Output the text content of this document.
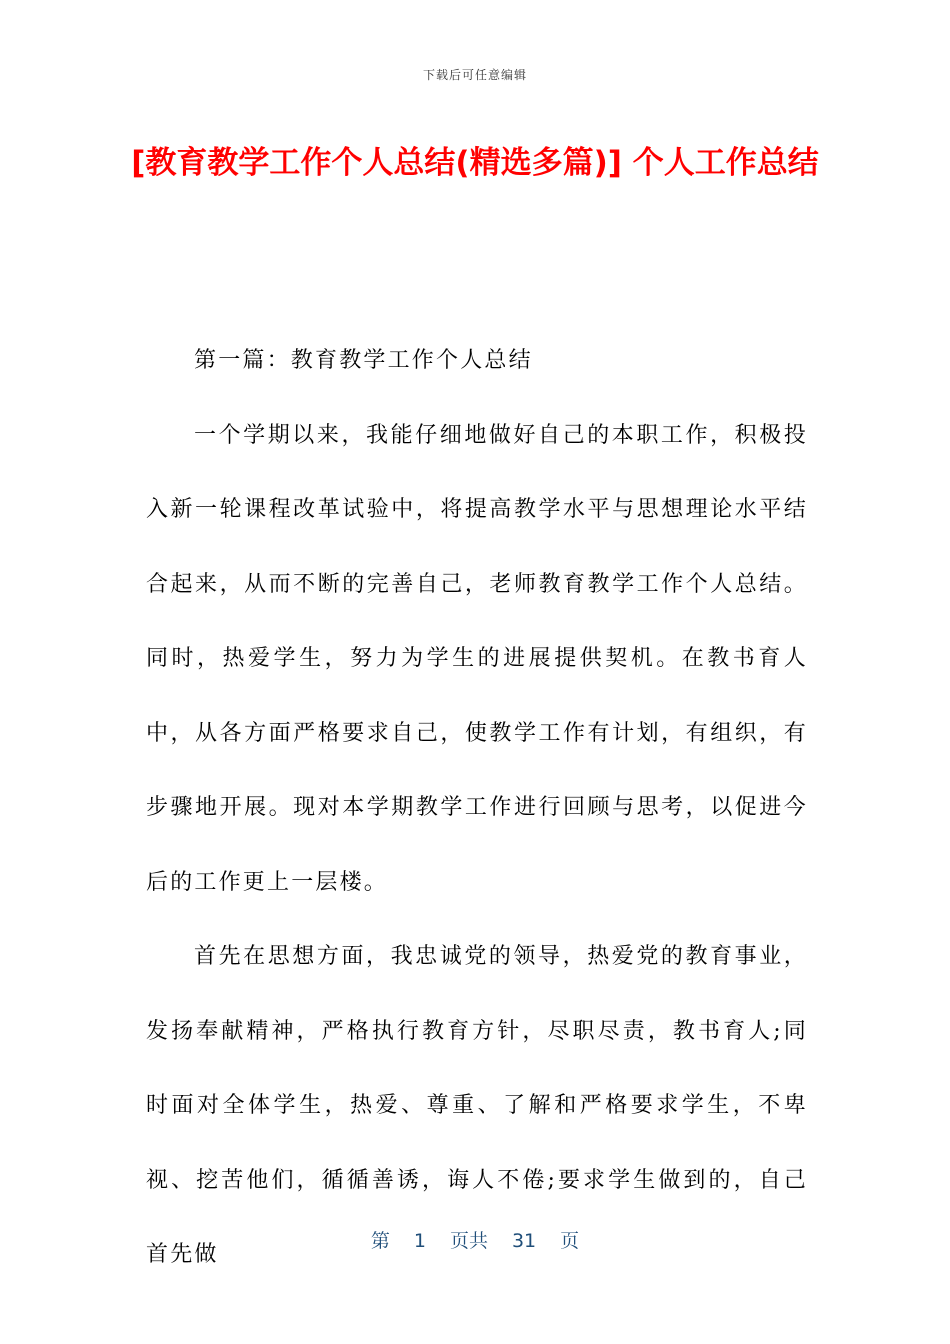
下载后可任意编辑
[教育教学工作个人总结(精选多篇)] 个人工作总结

第一篇：教育教学工作个人总结

一个学期以来，我能仔细地做好自己的本职工作，积极投入新一轮课程改革试验中，将提高教学水平与思想理论水平结合起来，从而不断的完善自己，老师教育教学工作个人总结。同时，热爱学生，努力为学生的进展提供契机。在教书育人中，从各方面严格要求自己，使教学工作有计划，有组织，有步骤地开展。现对本学期教学工作进行回顾与思考，以促进今后的工作更上一层楼。

首先在思想方面，我忠诚党的领导，热爱党的教育事业，发扬奉献精神，严格执行教育方针，尽职尽责，教书育人;同时面对全体学生，热爱、尊重、了解和严格要求学生，不卑视、挖苦他们，循循善诱，诲人不倦;要求学生做到的，自己首先做

第 1 页共 31 页
